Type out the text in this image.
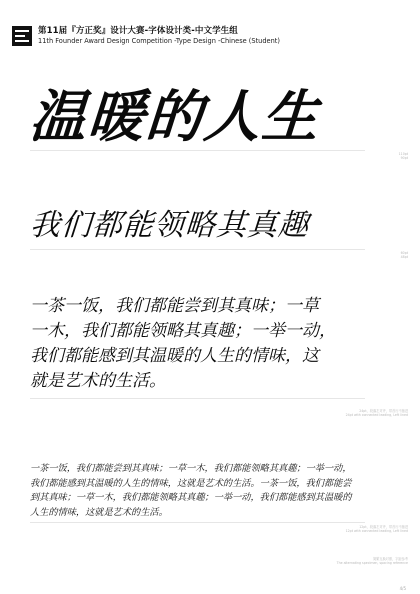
第11届『方正奖』设计大赛-字体设计类-中文学生组
11th Founder Award Design Competition -Type Design -Chinese (Student)
温暖的人生
110pt
90pt
我们都能领略其真趣
60pt
48pt
一茶一饭，我们都能尝到其真味；一草
一木，我们都能领略其真趣；一举一动，
我们都能感到其温暖的人生的情味，这
就是艺术的生活。
24pt，段落左对齐，带首行不缩进
24pt with connected leading, Left lined
一茶一饭，我们都能尝到其真味；一草一木，我们都能领略其真趣；一举一动，
我们都能感到其温暖的人生的情味，这就是艺术的生活。一茶一饭，我们都能尝
到其真味；一草一木，我们都能领略其真趣；一举一动，我们都能感到其温暖的
人生的情味，这就是艺术的生活。
12pt，段落左对齐，带首行不缩进
12pt with connected leading, Left lined
简繁互换对照，字距参考
The alternating specimen, spacing reference
4/5
